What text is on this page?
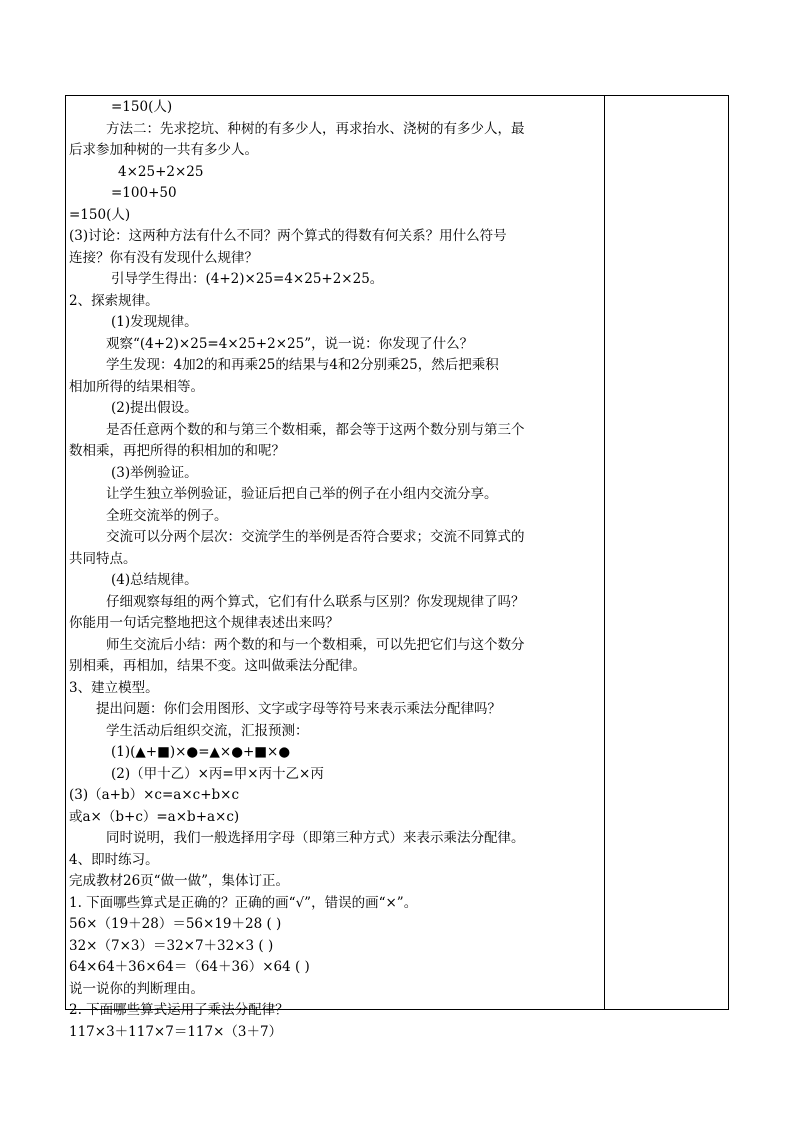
=150(人)
方法二：先求挖坑、种树的有多少人，再求抬水、浇树的有多少人，最
后求参加种树的一共有多少人。
4×25+2×25
=100+50
=150(人)
(3)讨论：这两种方法有什么不同？两个算式的得数有何关系？用什么符号
连接？你有没有发现什么规律？
引导学生得出：(4+2)×25=4×25+2×25。
2、探索规律。
(1)发现规律。
观察“(4+2)×25=4×25+2×25”，说一说：你发现了什么？
学生发现：4加2的和再乘25的结果与4和2分别乘25，然后把乘积
相加所得的结果相等。
(2)提出假设。
是否任意两个数的和与第三个数相乘，都会等于这两个数分别与第三个
数相乘，再把所得的积相加的和呢？
(3)举例验证。
让学生独立举例验证，验证后把自己举的例子在小组内交流分享。
全班交流举的例子。
交流可以分两个层次：交流学生的举例是否符合要求；交流不同算式的
共同特点。
(4)总结规律。
仔细观察每组的两个算式，它们有什么联系与区别？你发现规律了吗？
你能用一句话完整地把这个规律表述出来吗？
师生交流后小结：两个数的和与一个数相乘，可以先把它们与这个数分
别相乘，再相加，结果不变。这叫做乘法分配律。
3、建立模型。
提出问题：你们会用图形、文字或字母等符号来表示乘法分配律吗？
学生活动后组织交流，汇报预测：
(1)(▲+■)×●=▲×●+■×●
(2)（甲十乙）×丙=甲×丙十乙×丙
(3)（a+b）×c=a×c+b×c
或a×（b+c）=a×b+a×c)
同时说明，我们一般选择用字母（即第三种方式）来表示乘法分配律。
4、即时练习。
完成教材26页“做一做”，集体订正。
1. 下面哪些算式是正确的？正确的画“√”，错误的画“×”。
56×（19＋28）＝56×19＋28 ( )
32×（7×3）＝32×7＋32×3 ( )
64×64＋36×64＝（64＋36）×64 ( )
说一说你的判断理由。
2. 下面哪些算式运用了乘法分配律？
117×3＋117×7＝117×（3＋7）
